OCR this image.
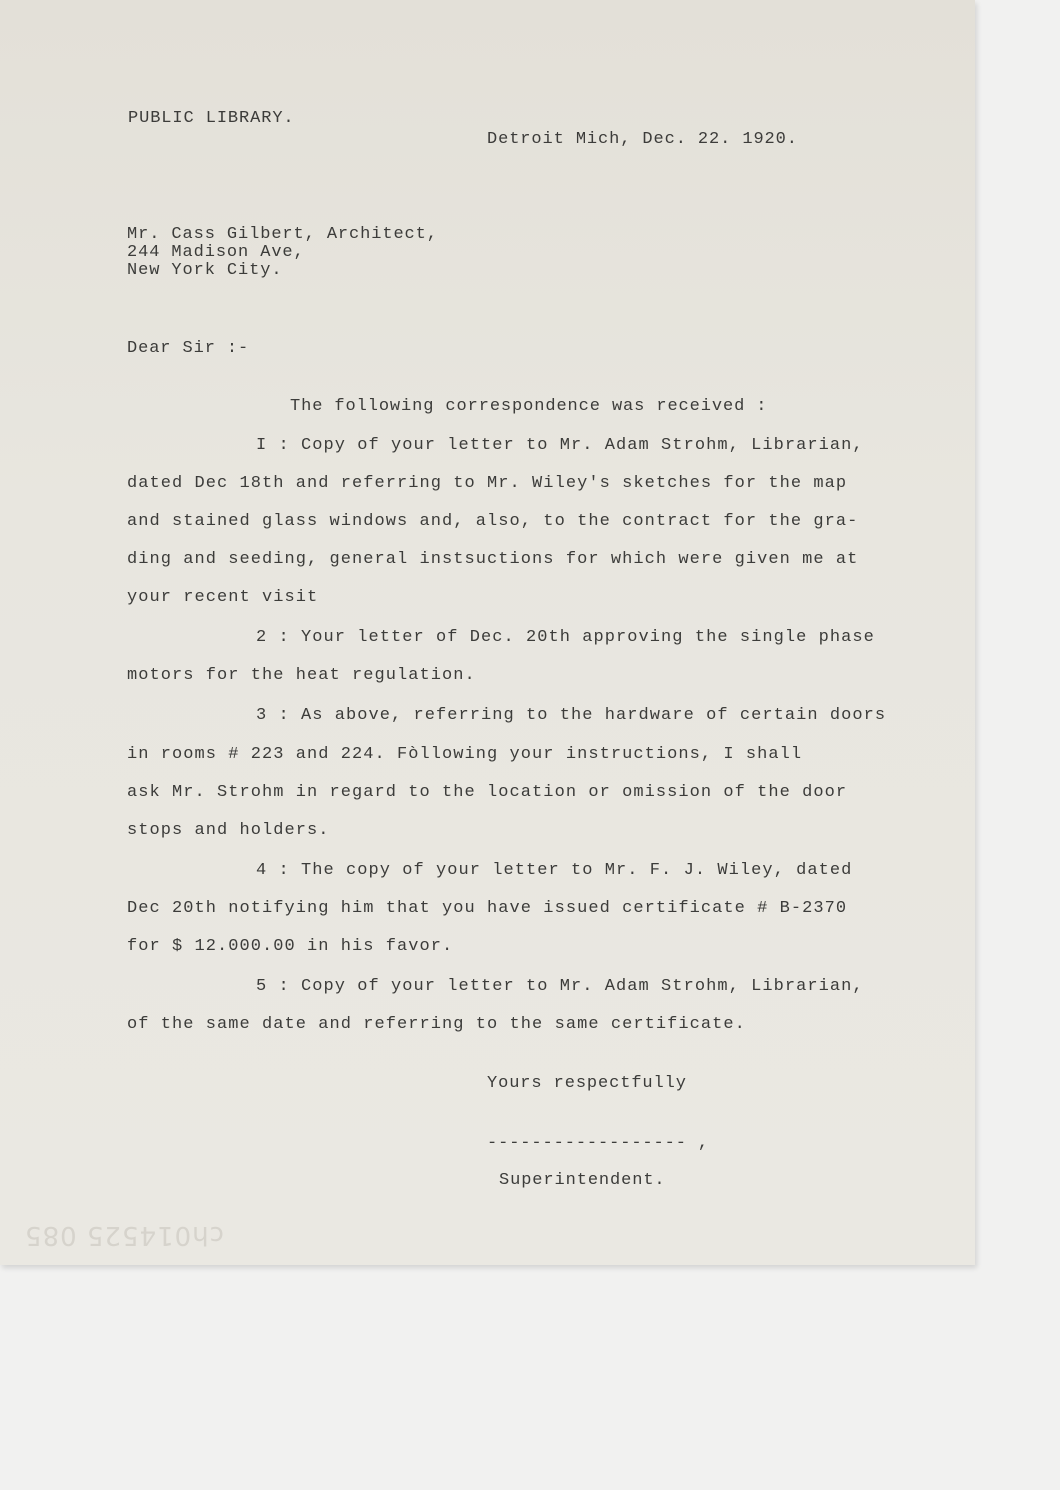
PUBLIC LIBRARY.
Detroit Mich, Dec. 22. 1920.
Mr. Cass Gilbert, Architect,
244 Madison Ave,
New York City.
Dear Sir :-
The following correspondence was received :
I : Copy of your letter to Mr. Adam Strohm, Librarian,
dated Dec 18th and referring to Mr. Wiley's sketches for the map
and stained glass windows and, also, to the contract for the gra-
ding and seeding, general instsuctions for which were given me at
your recent visit
2 : Your letter of Dec. 20th approving the single phase
motors for the heat regulation.
3 : As above, referring to the hardware of certain doors
in rooms # 223 and 224. Fòllowing your instructions, I shall
ask Mr. Strohm in regard to the location or omission of the door
stops and holders.
4 : The copy of your letter to Mr. F. J. Wiley, dated
Dec 20th notifying him that you have issued certificate # B-2370
for $ 12.000.00 in his favor.
5 : Copy of your letter to Mr. Adam Strohm, Librarian,
of the same date and referring to the same certificate.
Yours respectfully
------------------ ,
Superintendent.
ch014525 085
